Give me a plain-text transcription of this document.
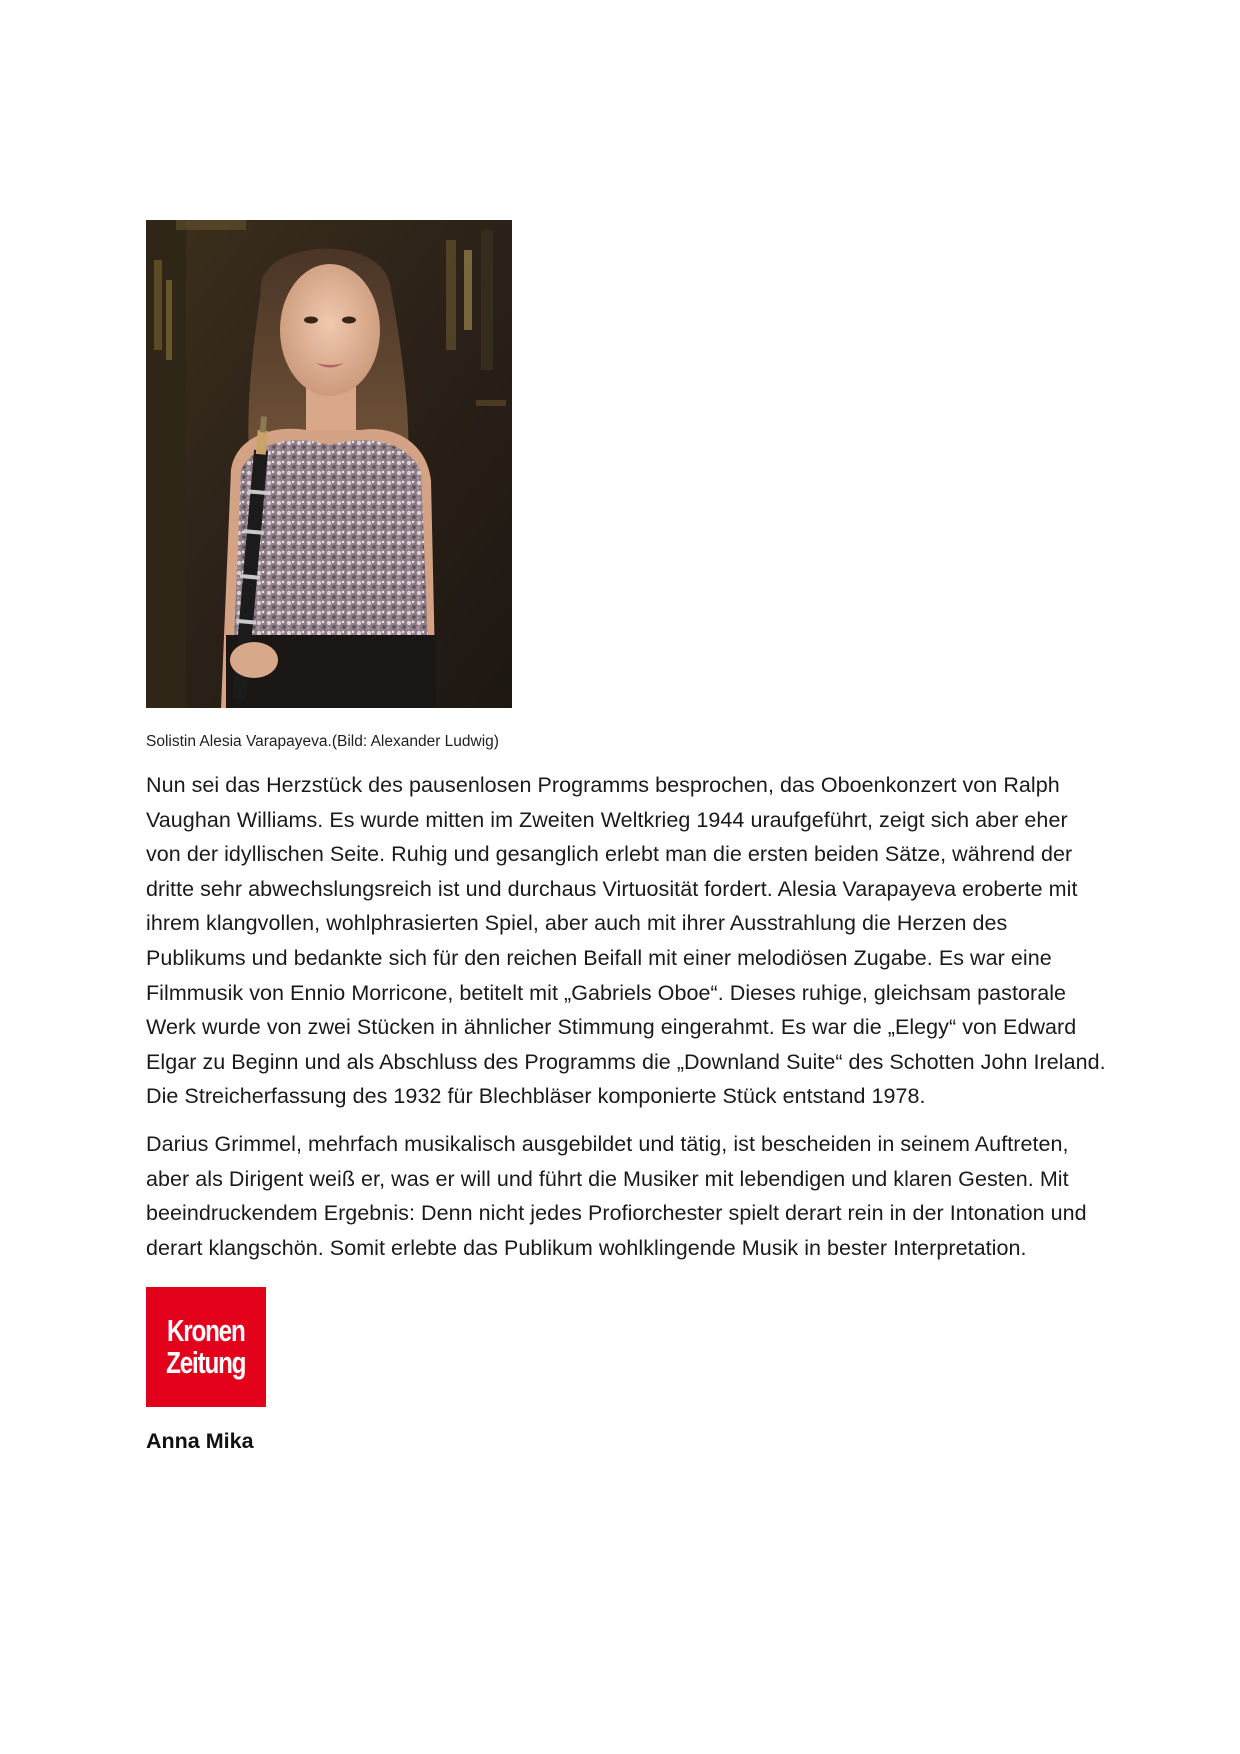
Solistin Alesia Varapayeva.(Bild: Alexander Ludwig)

Nun sei das Herzstück des pausenlosen Programms besprochen, das Oboenkonzert von Ralph Vaughan Williams. Es wurde mitten im Zweiten Weltkrieg 1944 uraufgeführt, zeigt sich aber eher von der idyllischen Seite. Ruhig und gesanglich erlebt man die ersten beiden Sätze, während der dritte sehr abwechslungsreich ist und durchaus Virtuosität fordert. Alesia Varapayeva eroberte mit ihrem klangvollen, wohlphrasierten Spiel, aber auch mit ihrer Ausstrahlung die Herzen des Publikums und bedankte sich für den reichen Beifall mit einer melodiösen Zugabe. Es war eine Filmmusik von Ennio Morricone, betitelt mit „Gabriels Oboe“. Dieses ruhige, gleichsam pastorale Werk wurde von zwei Stücken in ähnlicher Stimmung eingerahmt. Es war die „Elegy“ von Edward Elgar zu Beginn und als Abschluss des Programms die „Downland Suite“ des Schotten John Ireland. Die Streicherfassung des 1932 für Blechbläser komponierte Stück entstand 1978.

Darius Grimmel, mehrfach musikalisch ausgebildet und tätig, ist bescheiden in seinem Auftreten, aber als Dirigent weiß er, was er will und führt die Musiker mit lebendigen und klaren Gesten. Mit beeindruckendem Ergebnis: Denn nicht jedes Profiorchester spielt derart rein in der Intonation und derart klangschön. Somit erlebte das Publikum wohlklingende Musik in bester Interpretation.

Kronen
Zeitung
Anna Mika
